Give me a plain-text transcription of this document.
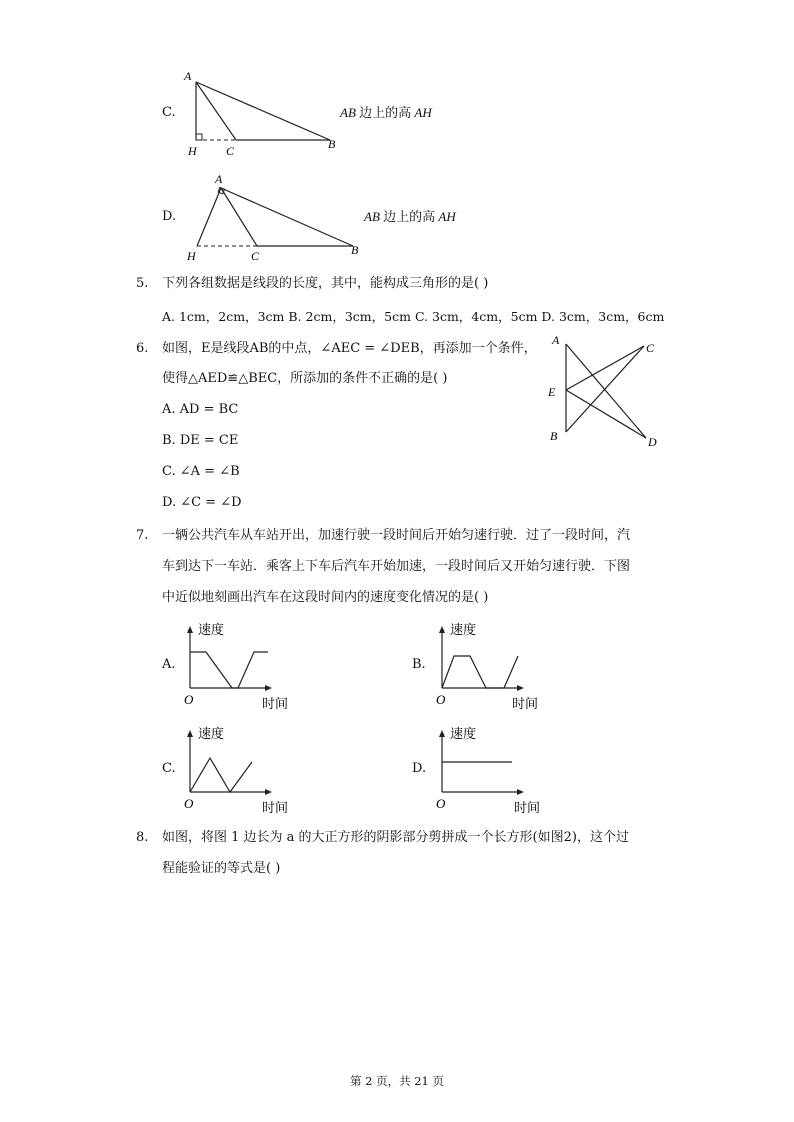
C.
A
H C	B
AB 边上的高 AH
D.
A
H	C	B
AB 边上的高 AH
5. 下列各组数据是线段的长度，其中，能构成三角形的是( )
A. 1cm，2cm，3cm B. 2cm，3cm，5cm C. 3cm，4cm，5cm D. 3cm，3cm，6cm
6. 如图，E是线段AB的中点，∠AEC = ∠DEB，再添加一个条件，
使得△AED≌△BEC，所添加的条件不正确的是( )
A. AD = BC
B. DE = CE
C. ∠A = ∠B
D. ∠C = ∠D
A
E
B
C
D
7. 一辆公共汽车从车站开出，加速行驶一段时间后开始匀速行驶．过了一段时间，汽
车到达下一车站．乘客上下车后汽车开始加速，一段时间后又开始匀速行驶．下图
中近似地刻画出汽车在这段时间内的速度变化情况的是( )
A.
速度
O	时间
B.
速度
O	时间
C.
速度
O	时间
D.
速度
O	时间
8. 如图，将图 1 边长为 a 的大正方形的阴影部分剪拼成一个长方形(如图2)，这个过
程能验证的等式是( )
第 2 页，共 21 页
